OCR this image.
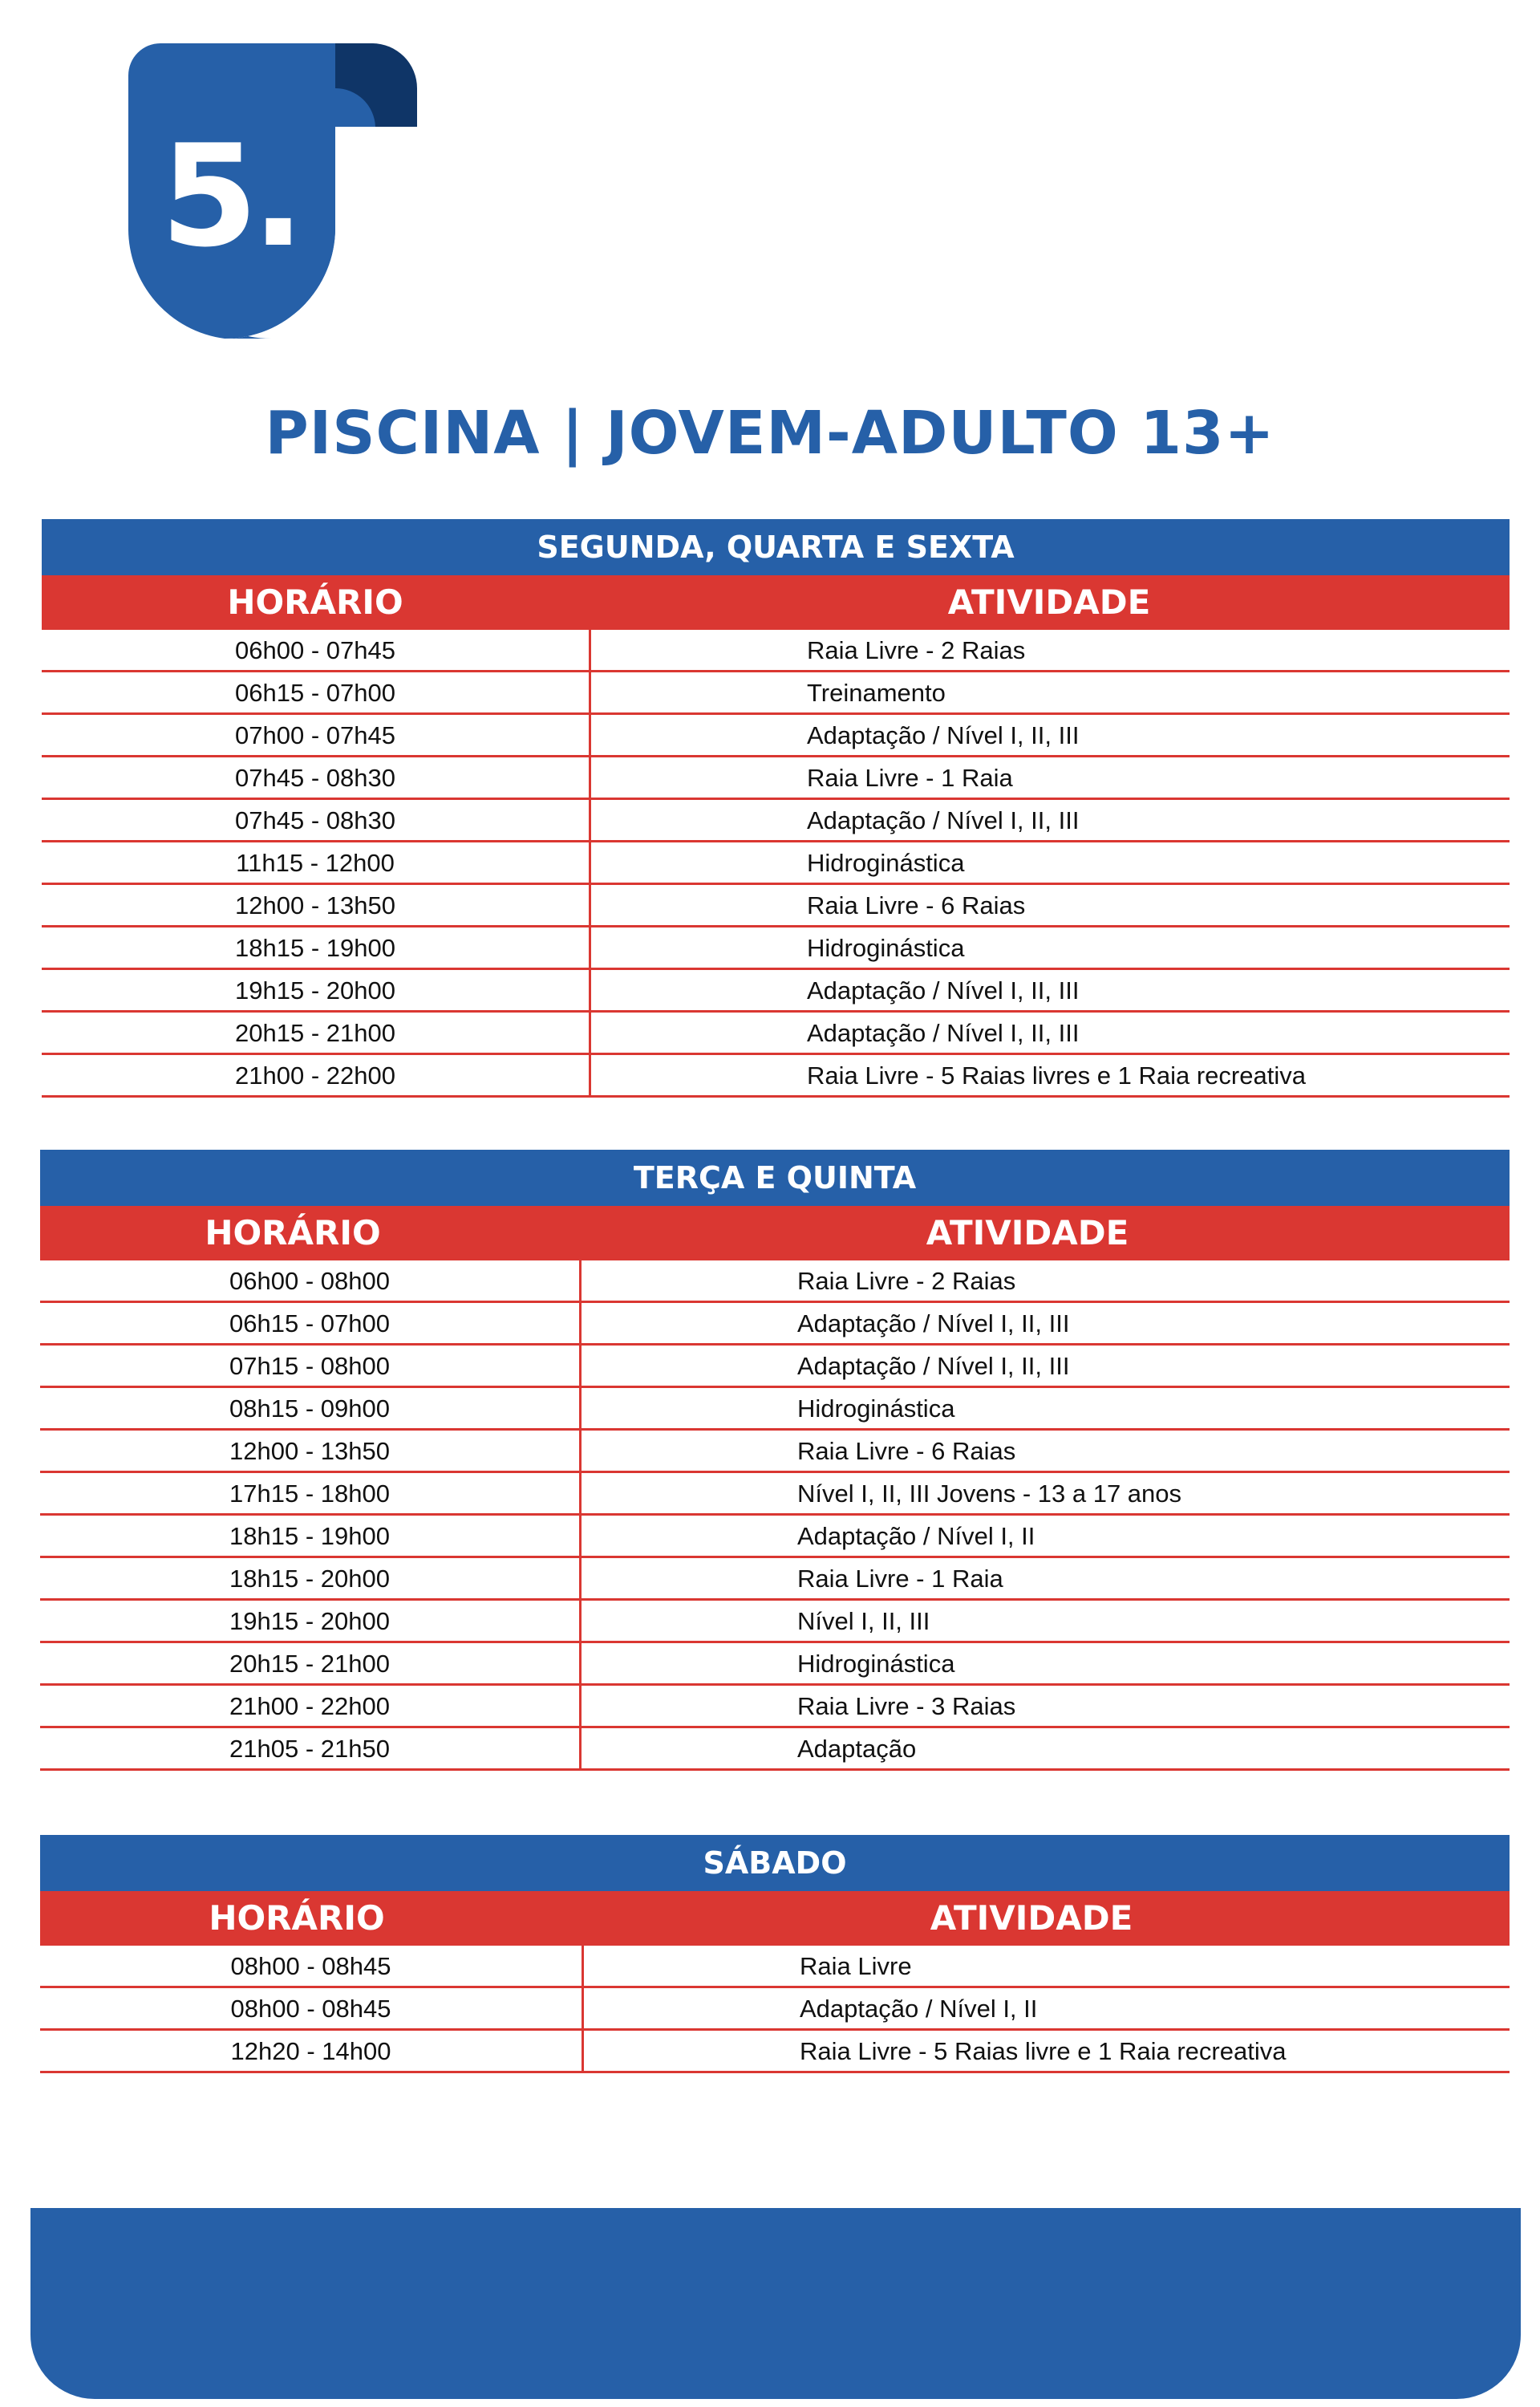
5.
PISCINA | JOVEM-ADULTO 13+
SEGUNDA, QUARTA E SEXTA
HORÁRIO	ATIVIDADE
06h00 - 07h45	Raia Livre - 2 Raias
06h15 - 07h00	Treinamento
07h00 - 07h45	Adaptação / Nível I, II, III
07h45 - 08h30	Raia Livre - 1 Raia
07h45 - 08h30	Adaptação / Nível I, II, III
11h15 - 12h00	Hidroginástica
12h00 - 13h50	Raia Livre - 6 Raias
18h15 - 19h00	Hidroginástica
19h15 - 20h00	Adaptação / Nível I, II, III
20h15 - 21h00	Adaptação / Nível I, II, III
21h00 - 22h00	Raia Livre - 5 Raias livres e 1 Raia recreativa
TERÇA E QUINTA
HORÁRIO	ATIVIDADE
06h00 - 08h00	Raia Livre - 2 Raias
06h15 - 07h00	Adaptação / Nível I, II, III
07h15 - 08h00	Adaptação / Nível I, II, III
08h15 - 09h00	Hidroginástica
12h00 - 13h50	Raia Livre - 6 Raias
17h15 - 18h00	Nível I, II, III Jovens - 13 a 17 anos
18h15 - 19h00	Adaptação / Nível I, II
18h15 - 20h00	Raia Livre - 1 Raia
19h15 - 20h00	Nível I, II, III
20h15 - 21h00	Hidroginástica
21h00 - 22h00	Raia Livre - 3 Raias
21h05 - 21h50	Adaptação
SÁBADO
HORÁRIO	ATIVIDADE
08h00 - 08h45	Raia Livre
08h00 - 08h45	Adaptação / Nível I, II
12h20 - 14h00	Raia Livre - 5 Raias livre e 1 Raia recreativa
